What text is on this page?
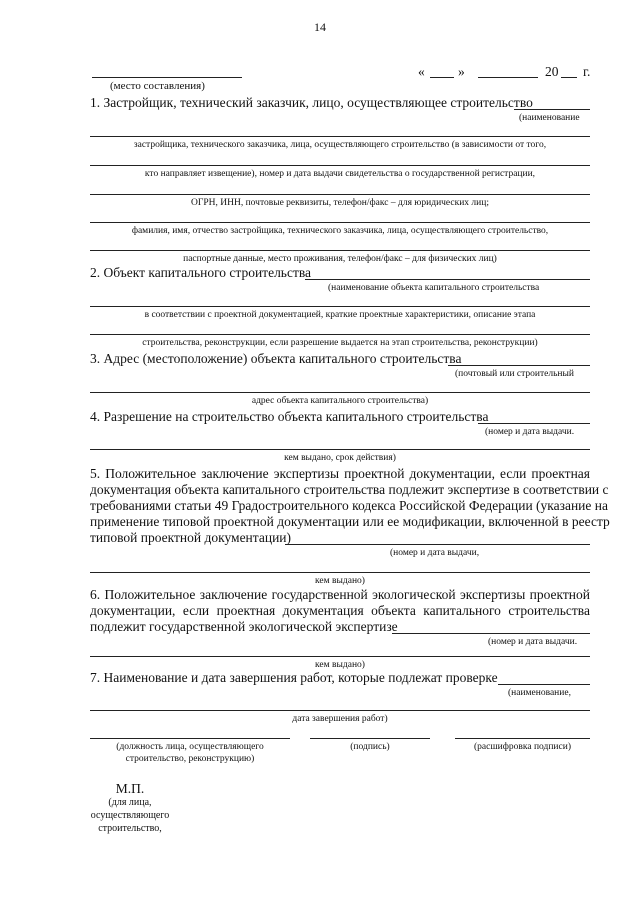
14
(место составления)
« »	20 г.
1. Застройщик, технический заказчик, лицо, осуществляющее строительство
(наименование
застройщика, технического заказчика, лица, осуществляющего строительство (в зависимости от того,
кто направляет извещение), номер и дата выдачи свидетельства о государственной регистрации,
ОГРН, ИНН, почтовые реквизиты, телефон/факс – для юридических лиц;
фамилия, имя, отчество застройщика, технического заказчика, лица, осуществляющего строительство,
паспортные данные, место проживания, телефон/факс – для физических лиц)
2. Объект капитального строительства
(наименование объекта капитального строительства
в соответствии с проектной документацией, краткие проектные характеристики, описание этапа
строительства, реконструкции, если разрешение выдается на этап строительства, реконструкции)
3. Адрес (местоположение) объекта капитального строительства
(почтовый или строительный
адрес объекта капитального строительства)
4. Разрешение на строительство объекта капитального строительства
(номер и дата выдачи.
кем выдано, срок действия)
5. Положительное заключение экспертизы проектной документации, если проектная
документация объекта капитального строительства подлежит экспертизе в соответствии с
требованиями статьи 49 Градостроительного кодекса Российской Федерации (указание на
применение типовой проектной документации или ее модификации, включенной в реестр
типовой проектной документации)
(номер и дата выдачи,
кем выдано)
6. Положительное заключение государственной экологической экспертизы проектной
документации, если проектная документация объекта капитального строительства
подлежит государственной экологической экспертизе
(номер и дата выдачи.
кем выдано)
7. Наименование и дата завершения работ, которые подлежат проверке
(наименование,
дата завершения работ)
(должность лица, осуществляющего
строительство, реконструкцию)
(подпись)	(расшифровка подписи)
М.П.
(для лица,
осуществляющего
строительство,
